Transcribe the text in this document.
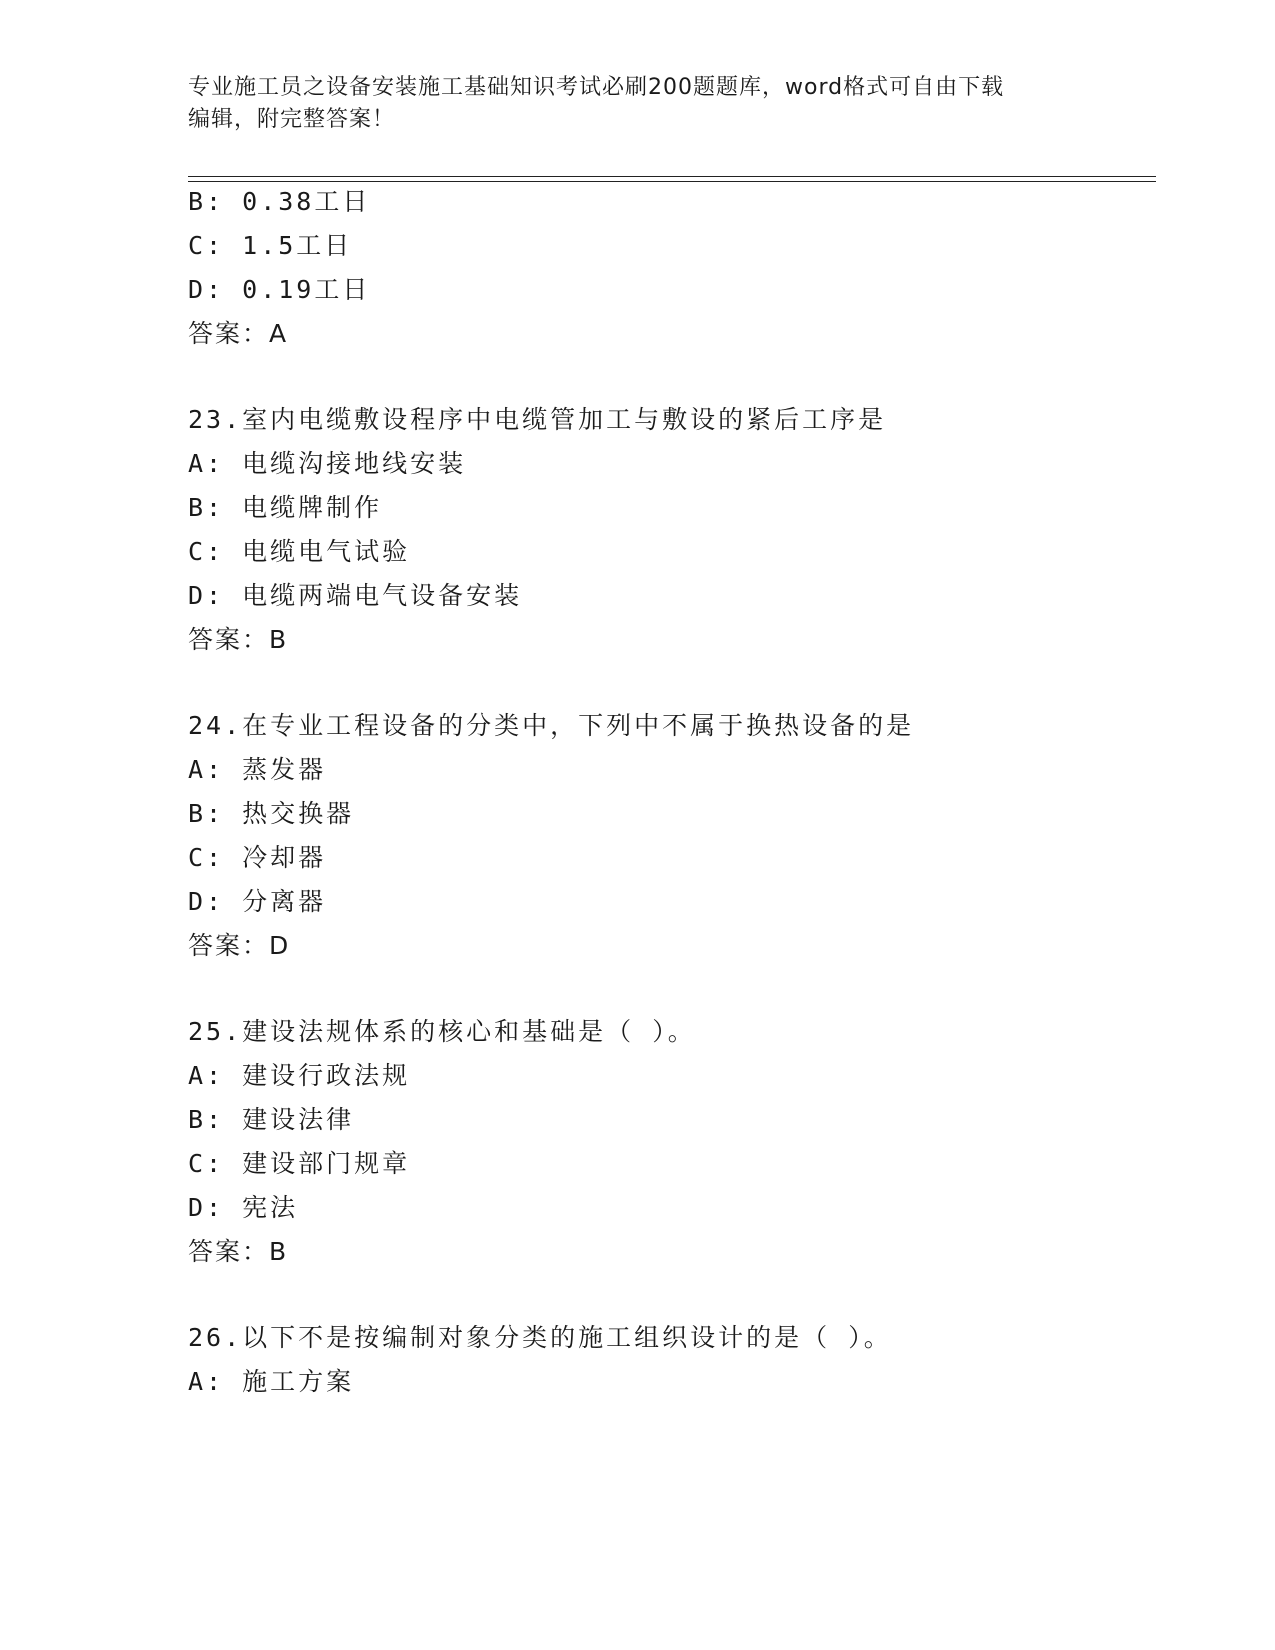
专业施工员之设备安装施工基础知识考试必刷200题题库，word格式可自由下载
编辑，附完整答案！
B: 0.38工日
C: 1.5工日
D: 0.19工日
答案：A
23.室内电缆敷设程序中电缆管加工与敷设的紧后工序是
A: 电缆沟接地线安装
B: 电缆牌制作
C: 电缆电气试验
D: 电缆两端电气设备安装
答案：B
24.在专业工程设备的分类中，下列中不属于换热设备的是
A: 蒸发器
B: 热交换器
C: 冷却器
D: 分离器
答案：D
25.建设法规体系的核心和基础是（ ）。
A: 建设行政法规
B: 建设法律
C: 建设部门规章
D: 宪法
答案：B
26.以下不是按编制对象分类的施工组织设计的是（ ）。
A: 施工方案
